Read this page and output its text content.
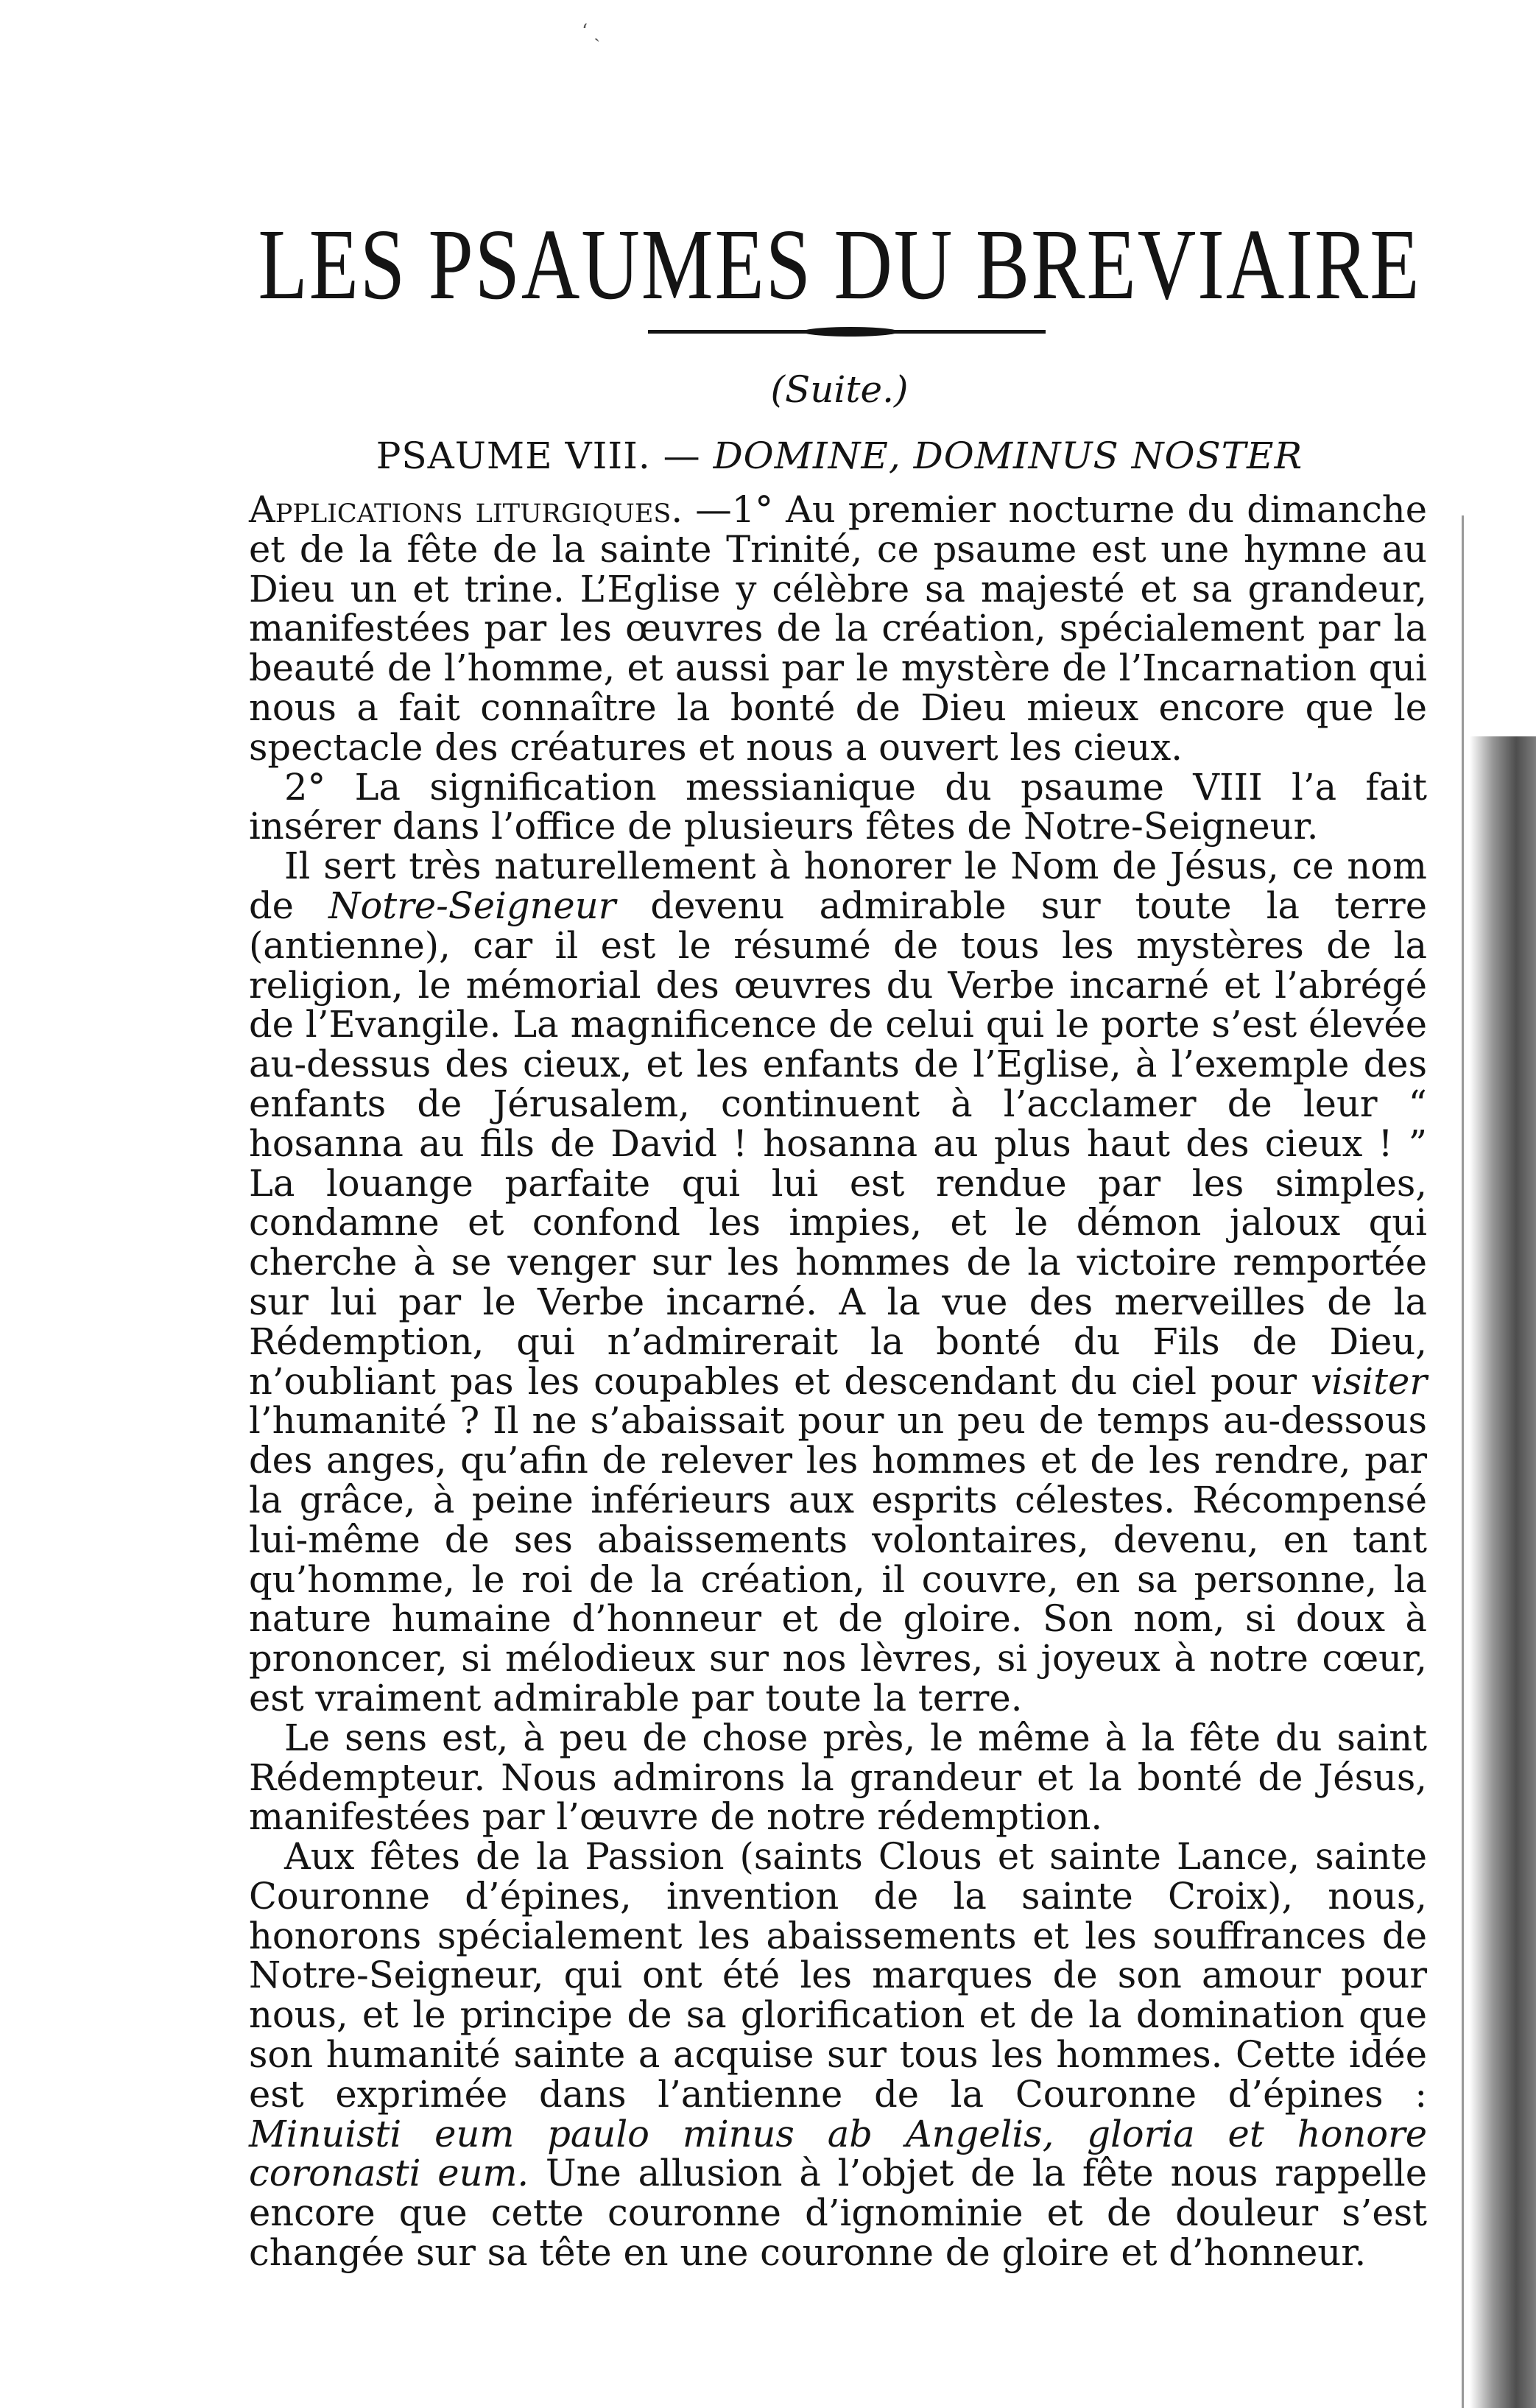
‘ ˎ
LES PSAUMES DU BREVIAIRE
(Suite.)
PSAUME VIII. — DOMINE, DOMINUS NOSTER

Applications liturgiques. —1° Au premier nocturne du dimanche et de la fête de la sainte Trinité, ce psaume est une hymne au Dieu un et trine. L’Eglise y célèbre sa majesté et sa grandeur, manifestées par les œuvres de la création, spécialement par la beauté de l’homme, et aussi par le mystère de l’Incarnation qui nous a fait connaître la bonté de Dieu mieux encore que le spectacle des créatures et nous a ouvert les cieux.

2° La signification messianique du psaume VIII l’a fait insérer dans l’office de plusieurs fêtes de Notre-Seigneur.

Il sert très naturellement à honorer le Nom de Jésus, ce nom de Notre-Seigneur devenu admirable sur toute la terre (antienne), car il est le résumé de tous les mystères de la religion, le mémorial des œuvres du Verbe incarné et l’abrégé de l’Evangile. La magnificence de celui qui le porte s’est élevée au-dessus des cieux, et les enfants de l’Eglise, à l’exemple des enfants de Jérusalem, continuent à l’acclamer de leur “ hosanna au fils de David ! hosanna au plus haut des cieux ! ” La louange parfaite qui lui est rendue par les simples, condamne et confond les impies, et le démon jaloux qui cherche à se venger sur les hommes de la victoire remportée sur lui par le Verbe incarné. A la vue des merveilles de la Rédemption, qui n’admirerait la bonté du Fils de Dieu, n’oubliant pas les coupables et descendant du ciel pour visiter l’humanité ? Il ne s’abaissait pour un peu de temps au-dessous des anges, qu’afin de relever les hommes et de les rendre, par la grâce, à peine inférieurs aux esprits célestes. Récompensé lui-même de ses abaissements volontaires, devenu, en tant qu’homme, le roi de la création, il couvre, en sa personne, la nature humaine d’honneur et de gloire. Son nom, si doux à prononcer, si mélodieux sur nos lèvres, si joyeux à notre cœur, est vraiment admirable par toute la terre.

Le sens est, à peu de chose près, le même à la fête du saint Rédempteur. Nous admirons la grandeur et la bonté de Jésus, manifestées par l’œuvre de notre rédemption.

Aux fêtes de la Passion (saints Clous et sainte Lance, sainte Couronne d’épines, invention de la sainte Croix), nous, honorons spécialement les abaissements et les souffrances de Notre-Seigneur, qui ont été les marques de son amour pour nous, et le principe de sa glorification et de la domination que son humanité sainte a acquise sur tous les hommes. Cette idée est exprimée dans l’antienne de la Couronne d’épines : Minuisti eum paulo minus ab Angelis, gloria et honore coronasti eum. Une allusion à l’objet de la fête nous rappelle encore que cette couronne d’ignominie et de douleur s’est changée sur sa tête en une couronne de gloire et d’honneur.
